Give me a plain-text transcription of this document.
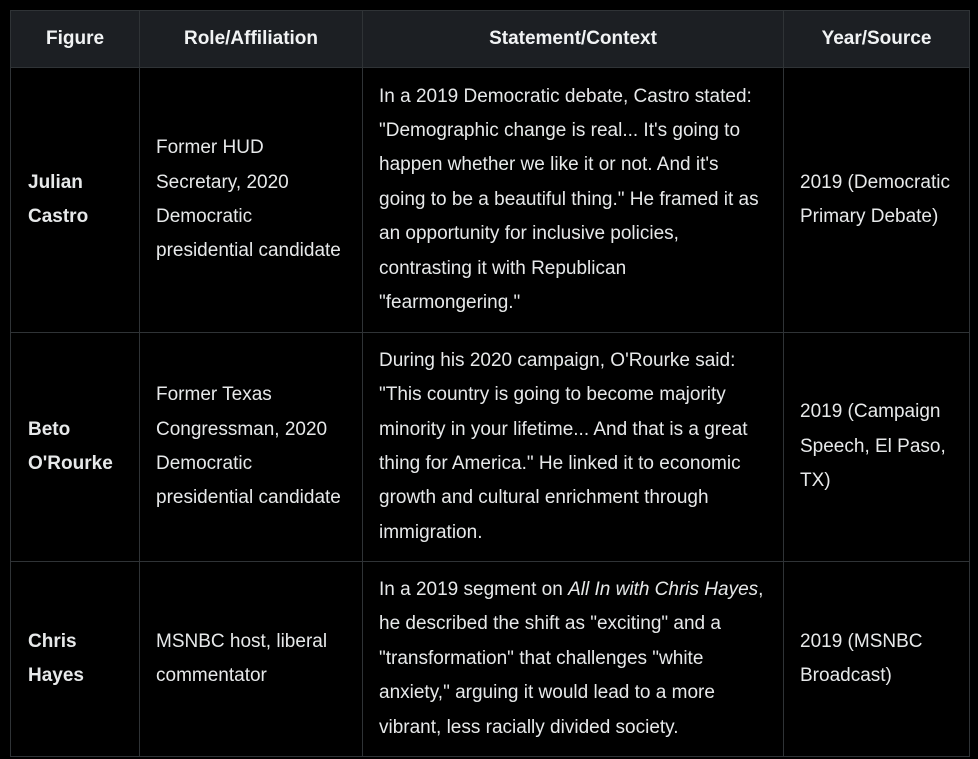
Figure	Role/Affiliation	Statement/Context	Year/Source
Julian Castro	Former HUD Secretary, 2020 Democratic presidential candidate	In a 2019 Democratic debate, Castro stated: "Demographic change is real... It's going to happen whether we like it or not. And it's going to be a beautiful thing." He framed it as an opportunity for inclusive policies, contrasting it with Republican "fearmongering."	2019 (Democratic Primary Debate)
Beto O'Rourke	Former Texas Congressman, 2020 Democratic presidential candidate	During his 2020 campaign, O'Rourke said: "This country is going to become majority minority in your lifetime... And that is a great thing for America." He linked it to economic growth and cultural enrichment through immigration.	2019 (Campaign Speech, El Paso, TX)
Chris Hayes	MSNBC host, liberal commentator	In a 2019 segment on All In with Chris Hayes, he described the shift as "exciting" and a "transformation" that challenges "white anxiety," arguing it would lead to a more vibrant, less racially divided society.	2019 (MSNBC Broadcast)
